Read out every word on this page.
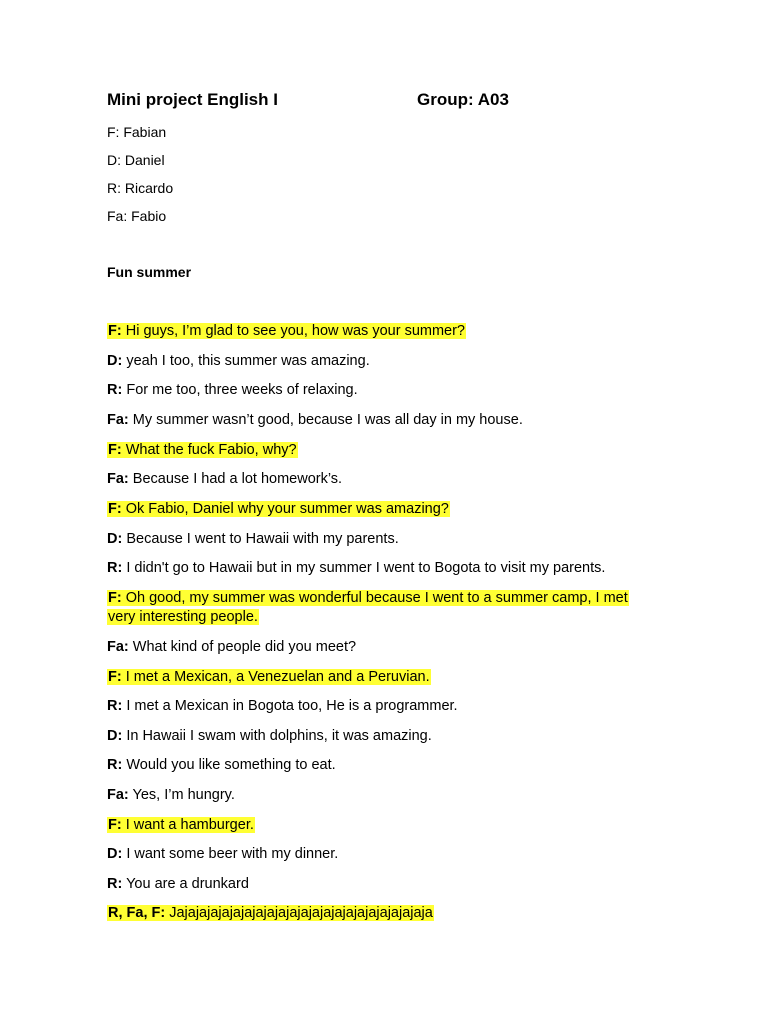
Mini project English I	Group: A03
F: Fabian
D: Daniel
R: Ricardo
Fa: Fabio
Fun summer
F: Hi guys, I’m glad to see you, how was your summer?
D: yeah I too, this summer was amazing.
R: For me too, three weeks of relaxing.
Fa: My summer wasn’t good, because I was all day in my house.
F: What the fuck Fabio, why?
Fa: Because I had a lot homework’s.
F: Ok Fabio, Daniel why your summer was amazing?
D: Because I went to Hawaii with my parents.
R: I didn't go to Hawaii but in my summer I went to Bogota to visit my parents.
F: Oh good, my summer was wonderful because I went to a summer camp, I met very interesting people.
Fa: What kind of people did you meet?
F: I met a Mexican, a Venezuelan and a Peruvian.
R: I met a Mexican in Bogota too, He is a programmer.
D: In Hawaii I swam with dolphins, it was amazing.
R: Would you like something to eat.
Fa: Yes, I’m hungry.
F: I want a hamburger.
D: I want some beer with my dinner.
R: You are a drunkard
R, Fa, F: Jajajajajajajajajajajajajajajajajajajajajajaja
